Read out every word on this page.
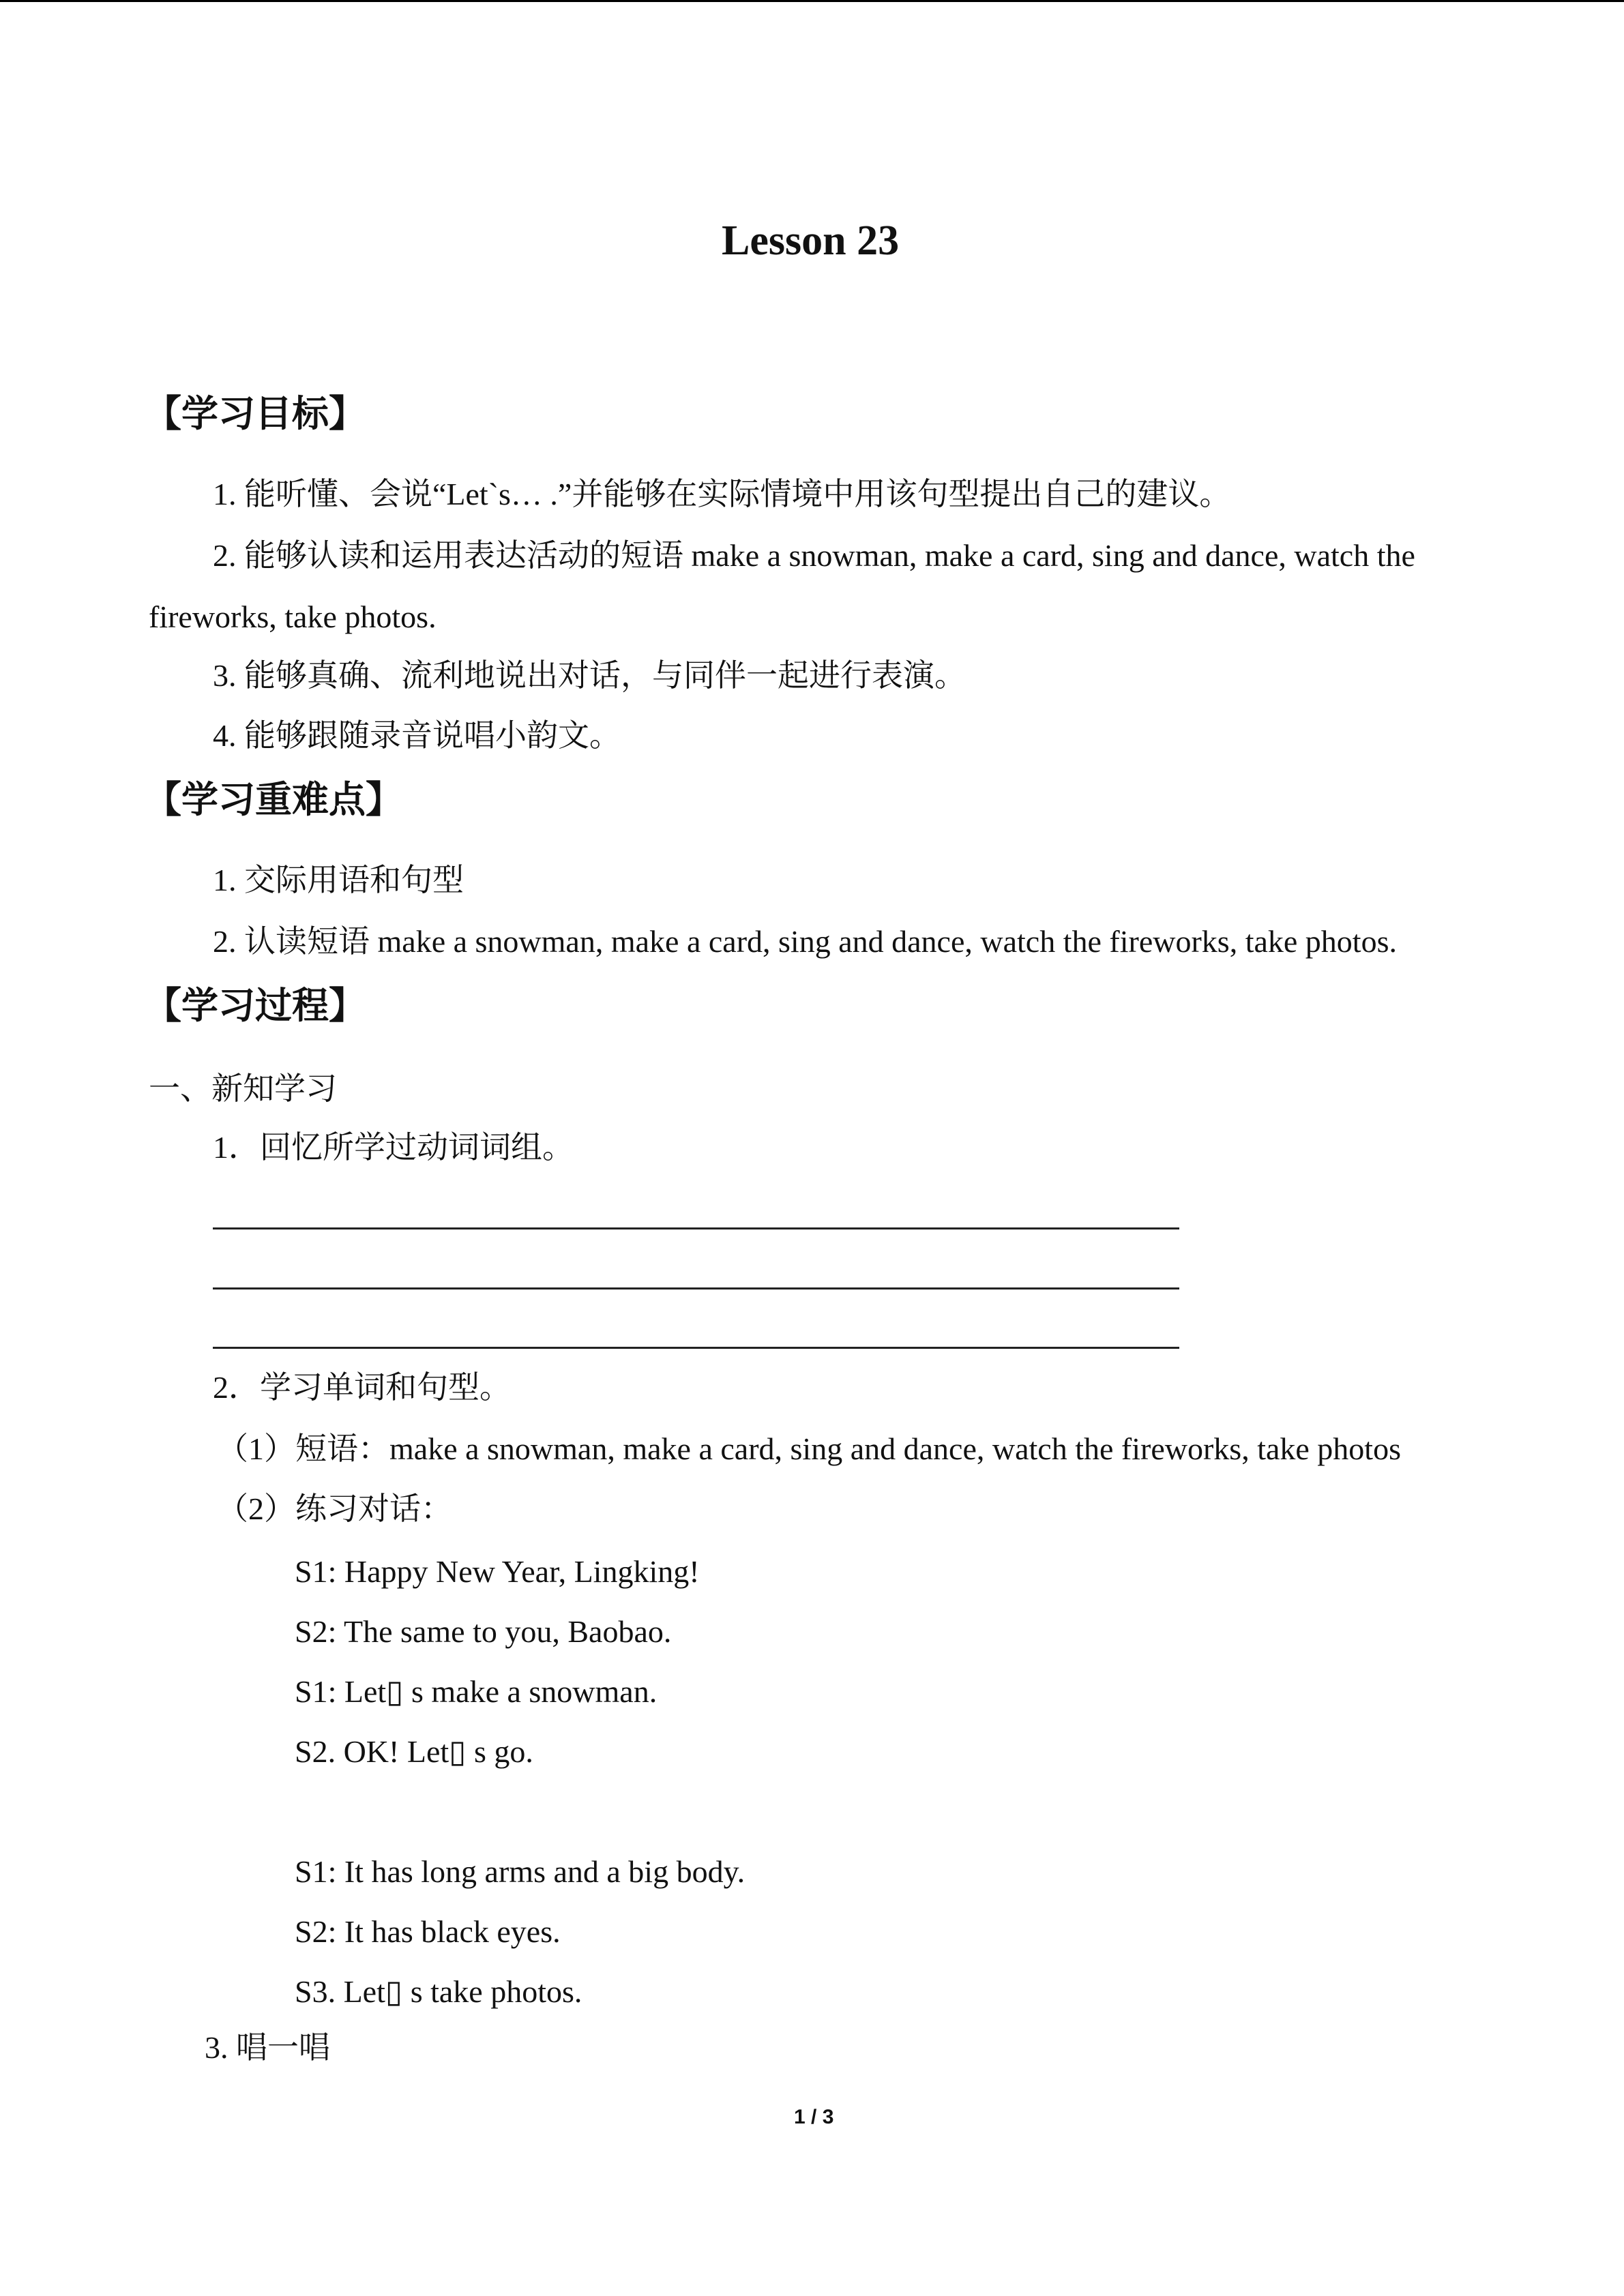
Lesson 23
【学习目标】
1. 能听懂、会说“Let`s… .”并能够在实际情境中用该句型提出自己的建议。
2. 能够认读和运用表达活动的短语 make a snowman, make a card, sing and dance, watch the
fireworks, take photos.
3. 能够真确、流利地说出对话，与同伴一起进行表演。
4. 能够跟随录音说唱小韵文。
【学习重难点】
1. 交际用语和句型
2. 认读短语 make a snowman, make a card, sing and dance, watch the fireworks, take photos.
【学习过程】
一、新知学习
1．回忆所学过动词词组。
2．学习单词和句型。
（1）短语：make a snowman, make a card, sing and dance, watch the fireworks, take photos
（2）练习对话：
S1: Happy New Year, Lingking!
S2: The same to you, Baobao.
S1: Let▯ s make a snowman.
S2. OK! Let▯ s go.
S1: It has long arms and a big body.
S2: It has black eyes.
S3. Let▯ s take photos.
3. 唱一唱
1 / 3
